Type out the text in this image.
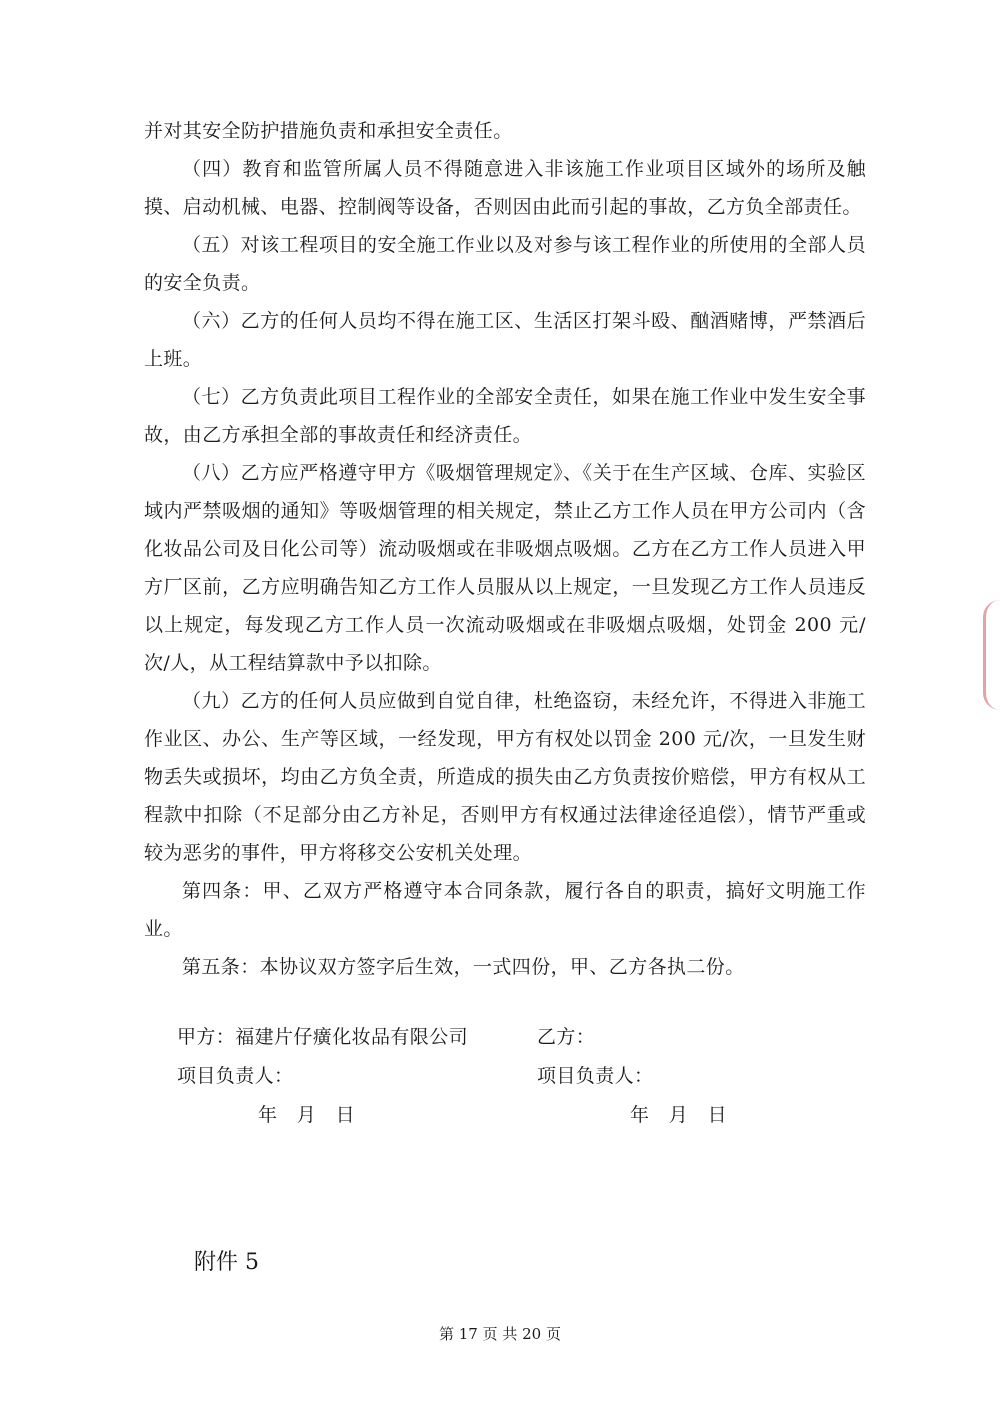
并对其安全防护措施负责和承担安全责任。

（四）教育和监管所属人员不得随意进入非该施工作业项目区域外的场所及触摸、启动机械、电器、控制阀等设备，否则因由此而引起的事故，乙方负全部责任。

（五）对该工程项目的安全施工作业以及对参与该工程作业的所使用的全部人员的安全负责。

（六）乙方的任何人员均不得在施工区、生活区打架斗殴、酗酒赌博，严禁酒后上班。

（七）乙方负责此项目工程作业的全部安全责任，如果在施工作业中发生安全事故，由乙方承担全部的事故责任和经济责任。

（八）乙方应严格遵守甲方《吸烟管理规定》、《关于在生产区域、仓库、实验区域内严禁吸烟的通知》等吸烟管理的相关规定，禁止乙方工作人员在甲方公司内（含化妆品公司及日化公司等）流动吸烟或在非吸烟点吸烟。乙方在乙方工作人员进入甲方厂区前，乙方应明确告知乙方工作人员服从以上规定，一旦发现乙方工作人员违反以上规定，每发现乙方工作人员一次流动吸烟或在非吸烟点吸烟，处罚金 200 元/次/人，从工程结算款中予以扣除。

（九）乙方的任何人员应做到自觉自律，杜绝盗窃，未经允许，不得进入非施工作业区、办公、生产等区域，一经发现，甲方有权处以罚金 200 元/次，一旦发生财物丢失或损坏，均由乙方负全责，所造成的损失由乙方负责按价赔偿，甲方有权从工程款中扣除（不足部分由乙方补足，否则甲方有权通过法律途径追偿），情节严重或较为恶劣的事件，甲方将移交公安机关处理。

第四条：甲、乙双方严格遵守本合同条款，履行各自的职责，搞好文明施工作业。

第五条：本协议双方签字后生效，一式四份，甲、乙方各执二份。

甲方：福建片仔癀化妆品有限公司	乙方：
项目负责人：	项目负责人：
年　月　日	年　月　日
附件 5
第 17 页 共 20 页
